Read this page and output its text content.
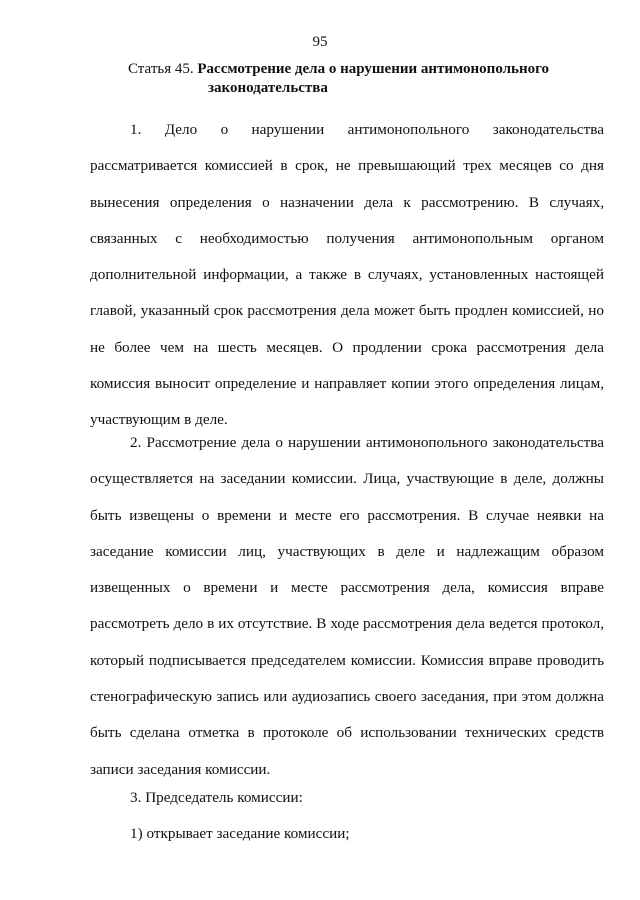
95
Статья 45. Рассмотрение дела о нарушении антимонопольного
законодательства

1. Дело о нарушении антимонопольного законодательства рассматривается комиссией в срок, не превышающий трех месяцев со дня вынесения определения о назначении дела к рассмотрению. В случаях, связанных с необходимостью получения антимонопольным органом дополнительной информации, а также в случаях, установленных настоящей главой, указанный срок рассмотрения дела может быть продлен комиссией, но не более чем на шесть месяцев. О продлении срока рассмотрения дела комиссия выносит определение и направляет копии этого определения лицам, участвующим в деле.

2. Рассмотрение дела о нарушении антимонопольного законодательства осуществляется на заседании комиссии. Лица, участвующие в деле, должны быть извещены о времени и месте его рассмотрения. В случае неявки на заседание комиссии лиц, участвующих в деле и надлежащим образом извещенных о времени и месте рассмотрения дела, комиссия вправе рассмотреть дело в их отсутствие. В ходе рассмотрения дела ведется протокол, который подписывается председателем комиссии. Комиссия вправе проводить стенографическую запись или аудиозапись своего заседания, при этом должна быть сделана отметка в протоколе об использовании технических средств записи заседания комиссии.

3. Председатель комиссии:

1) открывает заседание комиссии;
